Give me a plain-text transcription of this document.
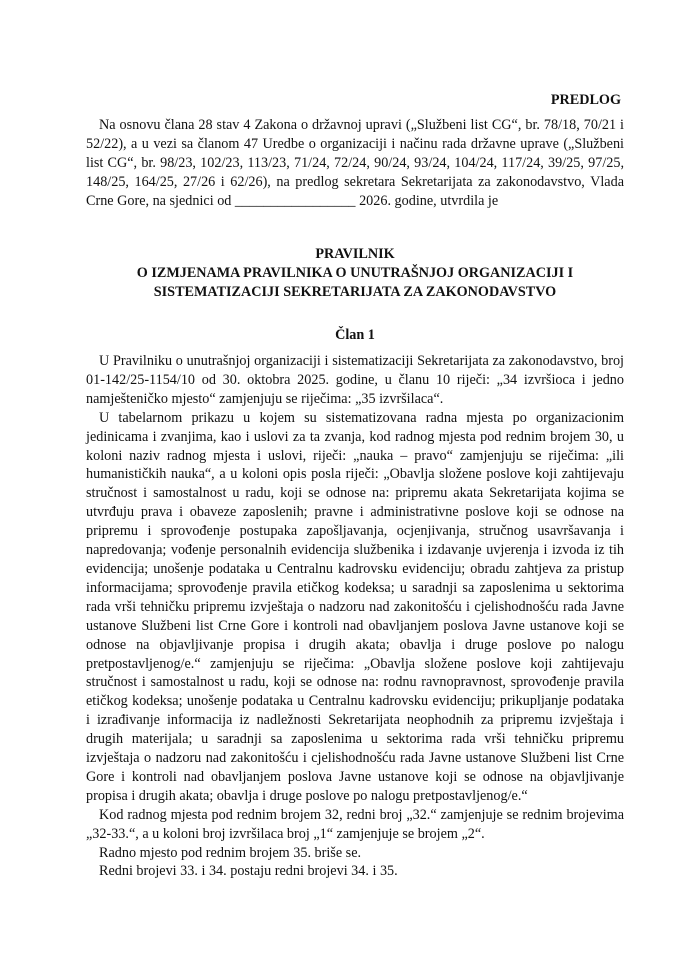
PREDLOG

Na osnovu člana 28 stav 4 Zakona o državnoj upravi („Službeni list CG“, br. 78/18, 70/21 i 52/22), a u vezi sa članom 47 Uredbe o organizaciji i načinu rada državne uprave („Službeni list CG“, br. 98/23, 102/23, 113/23, 71/24, 72/24, 90/24, 93/24, 104/24, 117/24, 39/25, 97/25, 148/25, 164/25, 27/26 i 62/26), na predlog sekretara Sekretarijata za zakonodavstvo, Vlada Crne Gore, na sjednici od _________________ 2026. godine, utvrdila je

PRAVILNIK
O IZMJENAMA PRAVILNIKA O UNUTRAŠNJOJ ORGANIZACIJI I
SISTEMATIZACIJI SEKRETARIJATA ZA ZAKONODAVSTVO
Član 1

U Pravilniku o unutrašnjoj organizaciji i sistematizaciji Sekretarijata za zakonodavstvo, broj 01-142/25-1154/10 od 30. oktobra 2025. godine, u članu 10 riječi: „34 izvršioca i jedno namješteničko mjesto“ zamjenjuju se riječima: „35 izvršilaca“.

U tabelarnom prikazu u kojem su sistematizovana radna mjesta po organizacionim jedinicama i zvanjima, kao i uslovi za ta zvanja, kod radnog mjesta pod rednim brojem 30, u koloni naziv radnog mjesta i uslovi, riječi: „nauka – pravo“ zamjenjuju se riječima: „ili humanističkih nauka“, a u koloni opis posla riječi: „Obavlja složene poslove koji zahtijevaju stručnost i samostalnost u radu, koji se odnose na: pripremu akata Sekretarijata kojima se utvrđuju prava i obaveze zaposlenih; pravne i administrativne poslove koji se odnose na pripremu i sprovođenje postupaka zapošljavanja, ocjenjivanja, stručnog usavršavanja i napredovanja; vođenje personalnih evidencija službenika i izdavanje uvjerenja i izvoda iz tih evidencija; unošenje podataka u Centralnu kadrovsku evidenciju; obradu zahtjeva za pristup informacijama; sprovođenje pravila etičkog kodeksa; u saradnji sa zaposlenima u sektorima rada vrši tehničku pripremu izvještaja o nadzoru nad zakonitošću i cjelishodnošću rada Javne ustanove Službeni list Crne Gore i kontroli nad obavljanjem poslova Javne ustanove koji se odnose na objavljivanje propisa i drugih akata; obavlja i druge poslove po nalogu pretpostavljenog/e.“ zamjenjuju se riječima: „Obavlja složene poslove koji zahtijevaju stručnost i samostalnost u radu, koji se odnose na: rodnu ravnopravnost, sprovođenje pravila etičkog kodeksa; unošenje podataka u Centralnu kadrovsku evidenciju; prikupljanje podataka i izrađivanje informacija iz nadležnosti Sekretarijata neophodnih za pripremu izvještaja i drugih materijala; u saradnji sa zaposlenima u sektorima rada vrši tehničku pripremu izvještaja o nadzoru nad zakonitošću i cjelishodnošću rada Javne ustanove Službeni list Crne Gore i kontroli nad obavljanjem poslova Javne ustanove koji se odnose na objavljivanje propisa i drugih akata; obavlja i druge poslove po nalogu pretpostavljenog/e.“

Kod radnog mjesta pod rednim brojem 32, redni broj „32.“ zamjenjuje se rednim brojevima „32-33.“, a u koloni broj izvršilaca broj „1“ zamjenjuje se brojem „2“.

Radno mjesto pod rednim brojem 35. briše se.

Redni brojevi 33. i 34. postaju redni brojevi 34. i 35.
